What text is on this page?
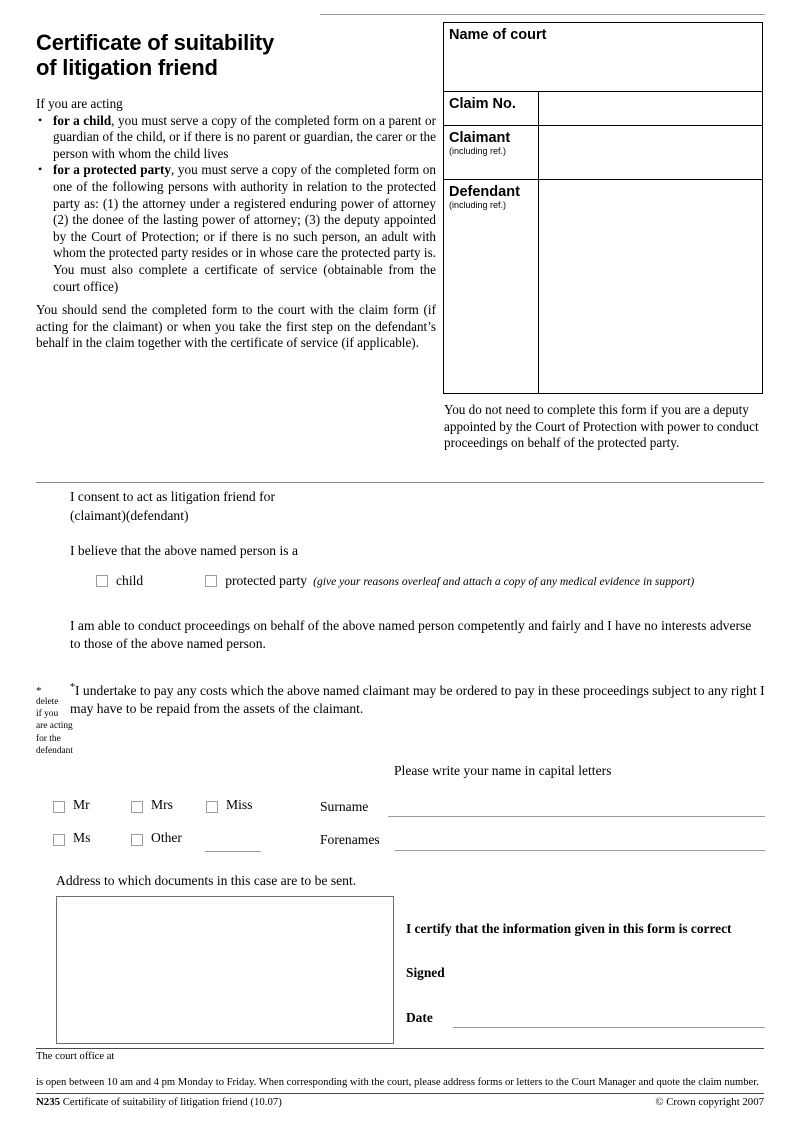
Certificate of suitability
of litigation friend
If you are acting
• for a child, you must serve a copy of the completed form on a parent or guardian of the child, or if there is no parent or guardian, the carer or the person with whom the child lives
• for a protected party, you must serve a copy of the completed form on one of the following persons with authority in relation to the protected party as: (1) the attorney under a registered enduring power of attorney (2) the donee of the lasting power of attorney; (3) the deputy appointed by the Court of Protection; or if there is no such person, an adult with whom the protected party resides or in whose care the protected party is. You must also complete a certificate of service (obtainable from the court office)
You should send the completed form to the court with the claim form (if acting for the claimant) or when you take the first step on the defendant’s behalf in the claim together with the certificate of service (if applicable).
Name of court
Claim No.
Claimant
(including ref.)
Defendant
(including ref.)
You do not need to complete this form if you are a deputy appointed by the Court of Protection with power to conduct proceedings on behalf of the protected party.
I consent to act as litigation friend for
(claimant)(defendant)
I believe that the above named person is a
child	protected party (give your reasons overleaf and attach a copy of any medical evidence in support)
I am able to conduct proceedings on behalf of the above named person competently and fairly and I have no interests adverse to those of the above named person.
*
delete
if you
are acting
for the
defendant
*I undertake to pay any costs which the above named claimant may be ordered to pay in these proceedings subject to any right I may have to be repaid from the assets of the claimant.
Please write your name in capital letters
Mr	Mrs	Miss
Ms	Other
Surname
Forenames
Address to which documents in this case are to be sent.
I certify that the information given in this form is correct
Signed
Date
The court office at
is open between 10 am and 4 pm Monday to Friday. When corresponding with the court, please address forms or letters to the Court Manager and quote the claim number.
N235 Certificate of suitability of litigation friend (10.07)	© Crown copyright 2007
